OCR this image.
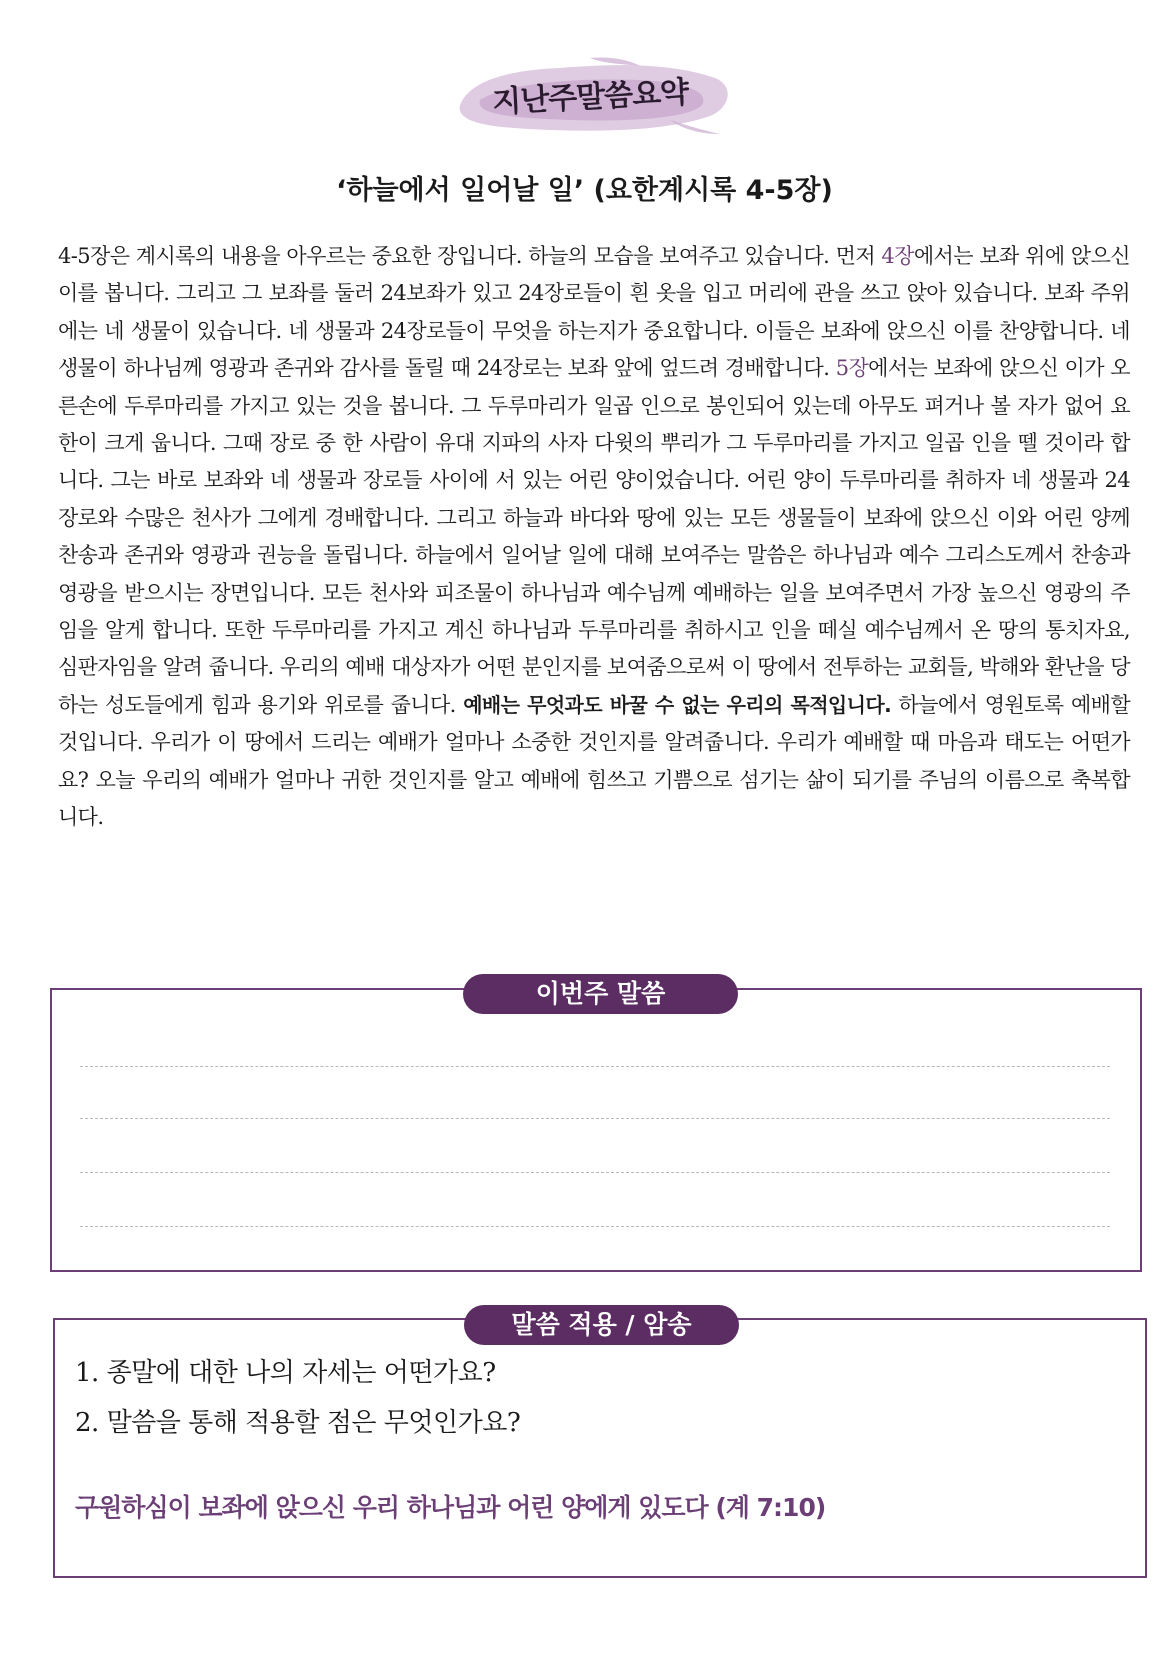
지난주말씀요약
‘하늘에서 일어날 일’ (요한계시록 4-5장)
4-5장은 계시록의 내용을 아우르는 중요한 장입니다. 하늘의 모습을 보여주고 있습니다. 먼저 4장에서는 보좌 위에 앉으신 이를 봅니다. 그리고 그 보좌를 둘러 24보좌가 있고 24장로들이 흰 옷을 입고 머리에 관을 쓰고 앉아 있습니다. 보좌 주위에는 네 생물이 있습니다. 네 생물과 24장로들이 무엇을 하는지가 중요합니다. 이들은 보좌에 앉으신 이를 찬양합니다. 네 생물이 하나님께 영광과 존귀와 감사를 돌릴 때 24장로는 보좌 앞에 엎드려 경배합니다. 5장에서는 보좌에 앉으신 이가 오른손에 두루마리를 가지고 있는 것을 봅니다. 그 두루마리가 일곱 인으로 봉인되어 있는데 아무도 펴거나 볼 자가 없어 요한이 크게 웁니다. 그때 장로 중 한 사람이 유대 지파의 사자 다윗의 뿌리가 그 두루마리를 가지고 일곱 인을 뗄 것이라 합니다. 그는 바로 보좌와 네 생물과 장로들 사이에 서 있는 어린 양이었습니다. 어린 양이 두루마리를 취하자 네 생물과 24장로와 수많은 천사가 그에게 경배합니다. 그리고 하늘과 바다와 땅에 있는 모든 생물들이 보좌에 앉으신 이와 어린 양께 찬송과 존귀와 영광과 권능을 돌립니다. 하늘에서 일어날 일에 대해 보여주는 말씀은 하나님과 예수 그리스도께서 찬송과 영광을 받으시는 장면입니다. 모든 천사와 피조물이 하나님과 예수님께 예배하는 일을 보여주면서 가장 높으신 영광의 주임을 알게 합니다. 또한 두루마리를 가지고 계신 하나님과 두루마리를 취하시고 인을 떼실 예수님께서 온 땅의 통치자요, 심판자임을 알려 줍니다. 우리의 예배 대상자가 어떤 분인지를 보여줌으로써 이 땅에서 전투하는 교회들, 박해와 환난을 당하는 성도들에게 힘과 용기와 위로를 줍니다. 예배는 무엇과도 바꿀 수 없는 우리의 목적입니다. 하늘에서 영원토록 예배할 것입니다. 우리가 이 땅에서 드리는 예배가 얼마나 소중한 것인지를 알려줍니다. 우리가 예배할 때 마음과 태도는 어떤가요? 오늘 우리의 예배가 얼마나 귀한 것인지를 알고 예배에 힘쓰고 기쁨으로 섬기는 삶이 되기를 주님의 이름으로 축복합니다.
이번주 말씀
말씀 적용 / 암송
1. 종말에 대한 나의 자세는 어떤가요?
2. 말씀을 통해 적용할 점은 무엇인가요?
구원하심이 보좌에 앉으신 우리 하나님과 어린 양에게 있도다 (계 7:10)
